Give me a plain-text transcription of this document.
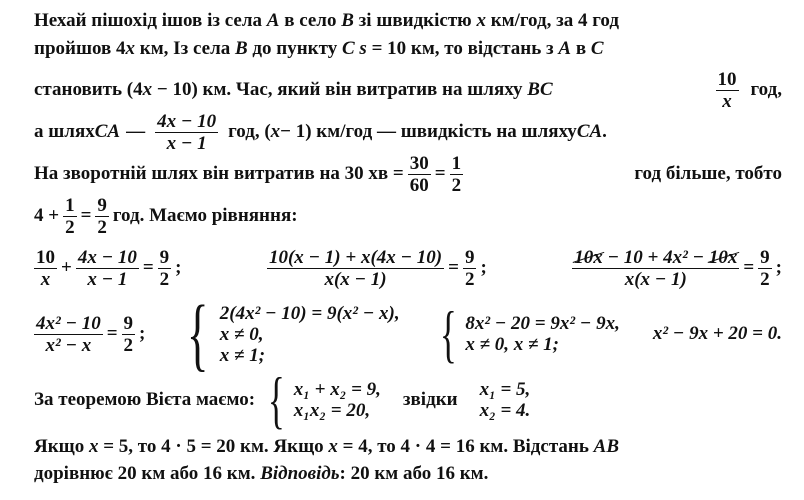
Нехай пішохід ішов із села A в село B зі швидкістю x км/год, за 4 год
пройшов 4x км, Із села B до пункту C s = 10 км, то відстань з A в C
становить (4x − 10) км. Час, який він витратив на шляху BC	10
x
год,
а шлях CA — 4x − 10
x − 1
год, ( x − 1) км/год — швидкість на шляху CA .
На зворотній шлях він витратив на 30 хв = $\frac{30}{60} = \frac{1}{2}$	год більше, тобто
$4 + \frac{1}{2} = \frac{9}{2}$ год. Маємо рівняння:
10
x
+ $\frac{4x - 10}{x - 1} = \frac{9}{2}$ ;	$\frac{10(x - 1) + x(4x - 10)}{x(x - 1)} = \frac{9}{2}$ ;	$\frac{\text{10x − 10 + 4x² − 10x}}{x(x - 1)} = \frac{9}{2}$ ;
$\frac{\text{4x² − 10}}{\text{x² − x}} = \frac{9}{2}$ ; { 2(4x² − 10) = 9(x² − x),
x ≠ 0,
x ≠ 1;	{ 8x² − 20 = 9x² − 9x,
x ≠ 0, x ≠ 1;
x² − 9x + 20 = 0.
За теоремою Вієта маємо: { x₁ + x₂ = 9,
x₁x₂ = 20,
звідки x₁ = 5,
x₂ = 4.
Якщо x = 5, то 4 · 5 = 20 км. Якщо x = 4, то 4 · 4 = 16 км. Відстань AB
дорівнює 20 км або 16 км. Відповідь: 20 км або 16 км.
